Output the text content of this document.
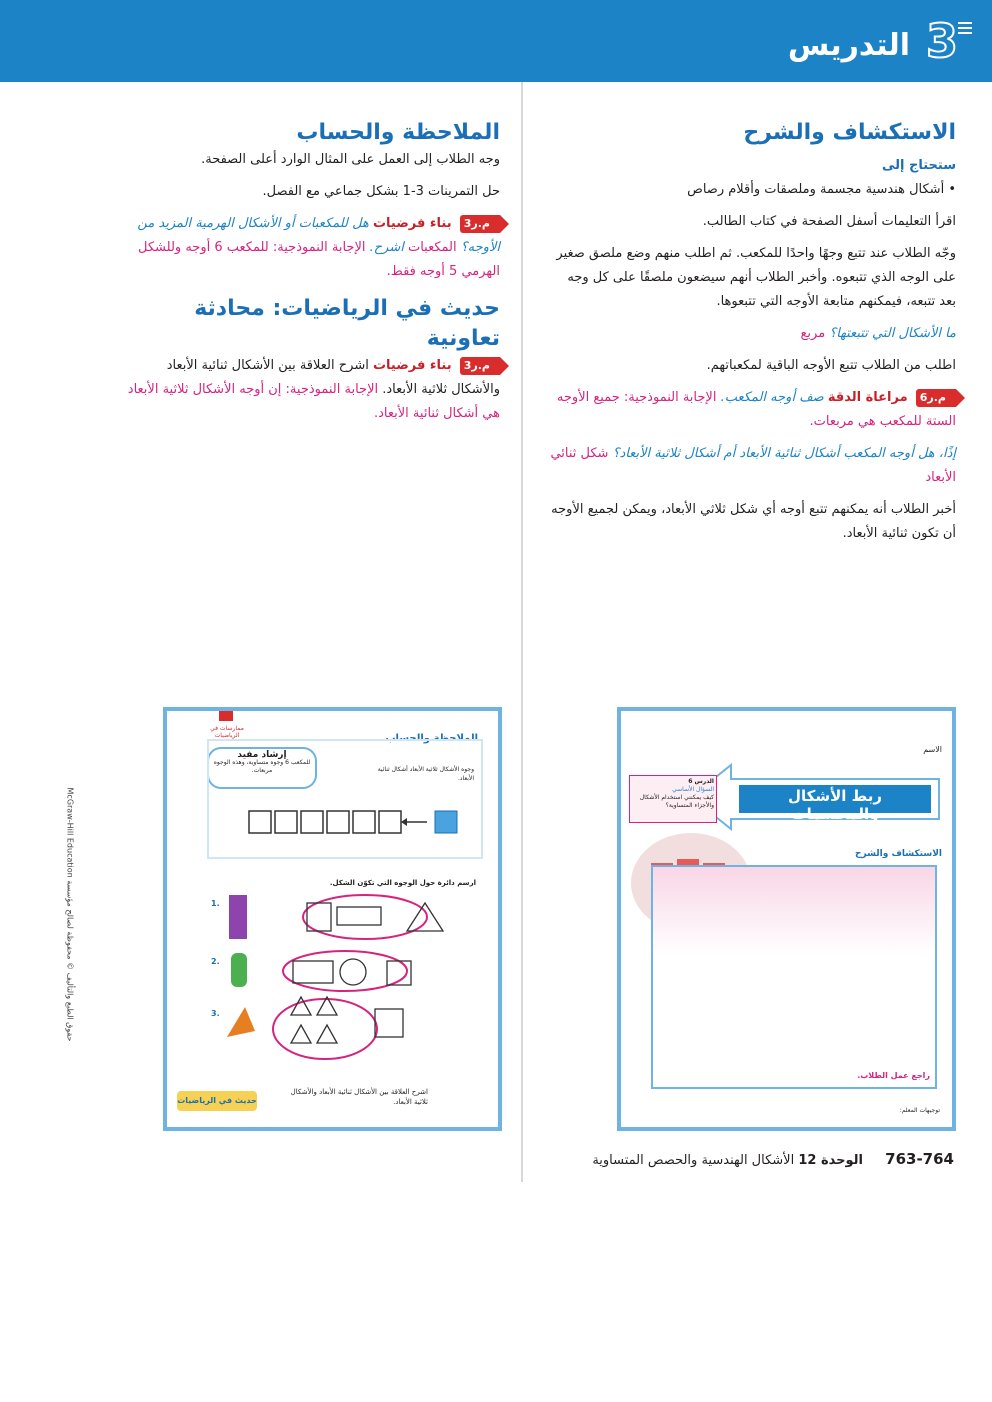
التدريس 3
الاستكشاف والشرح
ستحتاج إلى

• أشكال هندسية مجسمة وملصقات وأقلام رصاص

اقرأ التعليمات أسفل الصفحة في كتاب الطالب.

وجّه الطلاب عند تتبع وجهًا واحدًا للمكعب. ثم اطلب منهم وضع ملصق صغير على الوجه الذي تتبعوه. وأخبر الطلاب أنهم سيضعون ملصقًا على كل وجه بعد تتبعه، فيمكنهم متابعة الأوجه التي تتبعوها.

ما الأشكال التي تتبعتها؟ مربع

اطلب من الطلاب تتبع الأوجه الباقية لمكعباتهم.

م.ر6 مراعاة الدقة صف أوجه المكعب. الإجابة النموذجية: جميع الأوجه الستة للمكعب هي مربعات.

إذًا، هل أوجه المكعب أشكال ثنائية الأبعاد أم أشكال ثلاثية الأبعاد؟ شكل ثنائي الأبعاد

أخبر الطلاب أنه يمكنهم تتبع أوجه أي شكل ثلاثي الأبعاد، ويمكن لجميع الأوجه أن تكون ثنائية الأبعاد.

الملاحظة والحساب

وجه الطلاب إلى العمل على المثال الوارد أعلى الصفحة.

حل التمرينات 3-1 بشكل جماعي مع الفصل.

م.ر3 بناء فرضيات هل للمكعبات أو الأشكال الهرمية المزيد من الأوجه؟ المكعبات اشرح. الإجابة النموذجية: للمكعب 6 أوجه وللشكل الهرمي 5 أوجه فقط.

حديث في الرياضيات: محادثة تعاونية

م.ر3 بناء فرضيات اشرح العلاقة بين الأشكال ثنائية الأبعاد والأشكال ثلاثية الأبعاد. الإجابة النموذجية: إن أوجه الأشكال ثلاثية الأبعاد هي أشكال ثنائية الأبعاد.

الاسم
ربط الأشكال والمجسمات
الدرس 6
السؤال الأساسي
كيف يمكنني استخدام الأشكال والأجزاء المتساوية؟
الاستكشاف والشرح
راجع عمل الطلاب.
توجيهات المعلم:
ممارسات في الرياضيات	الملاحظة والحساب
إرشاد مفيد
للمكعب 6 وجوه متساوية، وهذه الوجوه مربعات.	وجوه الأشكال ثلاثية الأبعاد أشكال ثنائية الأبعاد.
ارسم دائرة حول الوجوه التي تكوّن الشكل.
1.
2.
3.
حديث في الرياضيات
اشرح العلاقة بين الأشكال ثنائية الأبعاد والأشكال ثلاثية الأبعاد.
حقوق الطبع والتأليف © محفوظة لصالح مؤسسة McGraw-Hill Education
763-764 الوحدة 12 الأشكال الهندسية والحصص المتساوية
